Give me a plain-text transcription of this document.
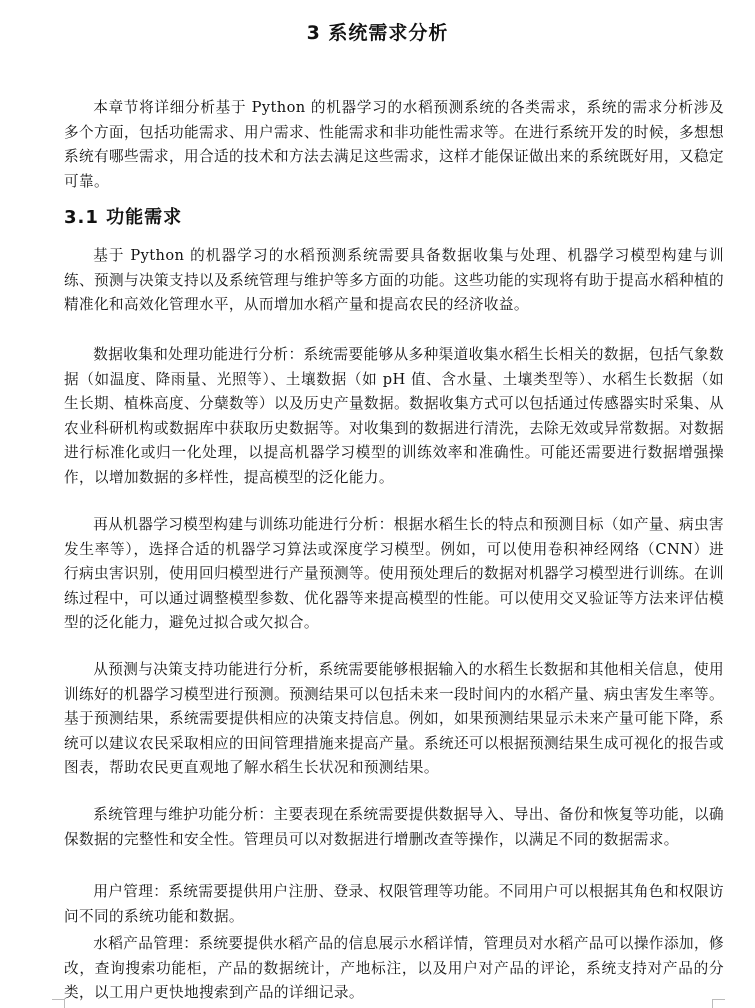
3 系统需求分析

本章节将详细分析基于 Python 的机器学习的水稻预测系统的各类需求，系统的需求分析涉及多个方面，包括功能需求、用户需求、性能需求和非功能性需求等。在进行系统开发的时候，多想想系统有哪些需求，用合适的技术和方法去满足这些需求，这样才能保证做出来的系统既好用，又稳定可靠。

3.1 功能需求

基于 Python 的机器学习的水稻预测系统需要具备数据收集与处理、机器学习模型构建与训练、预测与决策支持以及系统管理与维护等多方面的功能。这些功能的实现将有助于提高水稻种植的精准化和高效化管理水平，从而增加水稻产量和提高农民的经济收益。

数据收集和处理功能进行分析：系统需要能够从多种渠道收集水稻生长相关的数据，包括气象数据（如温度、降雨量、光照等）、土壤数据（如 pH 值、含水量、土壤类型等）、水稻生长数据（如生长期、植株高度、分蘖数等）以及历史产量数据。数据收集方式可以包括通过传感器实时采集、从农业科研机构或数据库中获取历史数据等。对收集到的数据进行清洗，去除无效或异常数据。对数据进行标准化或归一化处理，以提高机器学习模型的训练效率和准确性。可能还需要进行数据增强操作，以增加数据的多样性，提高模型的泛化能力。

再从机器学习模型构建与训练功能进行分析：根据水稻生长的特点和预测目标（如产量、病虫害发生率等），选择合适的机器学习算法或深度学习模型。例如，可以使用卷积神经网络（CNN）进行病虫害识别，使用回归模型进行产量预测等。使用预处理后的数据对机器学习模型进行训练。在训练过程中，可以通过调整模型参数、优化器等来提高模型的性能。可以使用交叉验证等方法来评估模型的泛化能力，避免过拟合或欠拟合。

从预测与决策支持功能进行分析，系统需要能够根据输入的水稻生长数据和其他相关信息，使用训练好的机器学习模型进行预测。预测结果可以包括未来一段时间内的水稻产量、病虫害发生率等。基于预测结果，系统需要提供相应的决策支持信息。例如，如果预测结果显示未来产量可能下降，系统可以建议农民采取相应的田间管理措施来提高产量。系统还可以根据预测结果生成可视化的报告或图表，帮助农民更直观地了解水稻生长状况和预测结果。

系统管理与维护功能分析：主要表现在系统需要提供数据导入、导出、备份和恢复等功能，以确保数据的完整性和安全性。管理员可以对数据进行增删改查等操作，以满足不同的数据需求。

用户管理：系统需要提供用户注册、登录、权限管理等功能。不同用户可以根据其角色和权限访问不同的系统功能和数据。

水稻产品管理：系统要提供水稻产品的信息展示水稻详情，管理员对水稻产品可以操作添加，修改，查询搜索功能柜，产品的数据统计，产地标注，以及用户对产品的评论，系统支持对产品的分类，以工用户更快地搜索到产品的详细记录。
